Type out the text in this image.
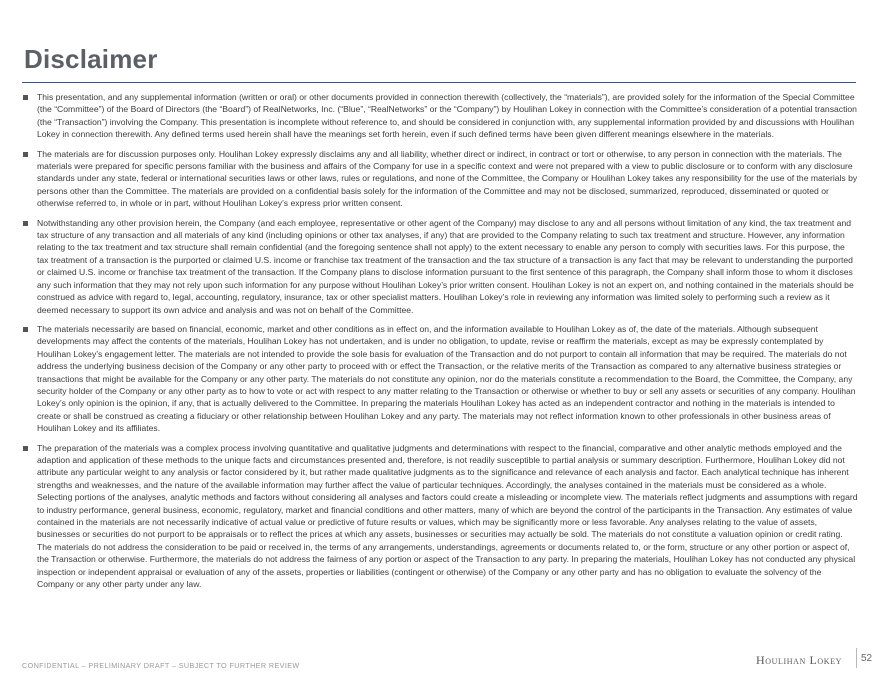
Disclaimer

This presentation, and any supplemental information (written or oral) or other documents provided in connection therewith (collectively, the “materials”), are provided solely for the information of the Special Committee (the “Committee”) of the Board of Directors (the “Board”) of RealNetworks, Inc. (“Blue”, “RealNetworks” or the “Company”) by Houlihan Lokey in connection with the Committee’s consideration of a potential transaction (the “Transaction”) involving the Company. This presentation is incomplete without reference to, and should be considered in conjunction with, any supplemental information provided by and discussions with Houlihan Lokey in connection therewith. Any defined terms used herein shall have the meanings set forth herein, even if such defined terms have been given different meanings elsewhere in the materials.

The materials are for discussion purposes only. Houlihan Lokey expressly disclaims any and all liability, whether direct or indirect, in contract or tort or otherwise, to any person in connection with the materials. The materials were prepared for specific persons familiar with the business and affairs of the Company for use in a specific context and were not prepared with a view to public disclosure or to conform with any disclosure standards under any state, federal or international securities laws or other laws, rules or regulations, and none of the Committee, the Company or Houlihan Lokey takes any responsibility for the use of the materials by persons other than the Committee. The materials are provided on a confidential basis solely for the information of the Committee and may not be disclosed, summarized, reproduced, disseminated or quoted or otherwise referred to, in whole or in part, without Houlihan Lokey’s express prior written consent.

Notwithstanding any other provision herein, the Company (and each employee, representative or other agent of the Company) may disclose to any and all persons without limitation of any kind, the tax treatment and tax structure of any transaction and all materials of any kind (including opinions or other tax analyses, if any) that are provided to the Company relating to such tax treatment and structure. However, any information relating to the tax treatment and tax structure shall remain confidential (and the foregoing sentence shall not apply) to the extent necessary to enable any person to comply with securities laws. For this purpose, the tax treatment of a transaction is the purported or claimed U.S. income or franchise tax treatment of the transaction and the tax structure of a transaction is any fact that may be relevant to understanding the purported or claimed U.S. income or franchise tax treatment of the transaction. If the Company plans to disclose information pursuant to the first sentence of this paragraph, the Company shall inform those to whom it discloses any such information that they may not rely upon such information for any purpose without Houlihan Lokey’s prior written consent. Houlihan Lokey is not an expert on, and nothing contained in the materials should be construed as advice with regard to, legal, accounting, regulatory, insurance, tax or other specialist matters. Houlihan Lokey’s role in reviewing any information was limited solely to performing such a review as it deemed necessary to support its own advice and analysis and was not on behalf of the Committee.

The materials necessarily are based on financial, economic, market and other conditions as in effect on, and the information available to Houlihan Lokey as of, the date of the materials. Although subsequent developments may affect the contents of the materials, Houlihan Lokey has not undertaken, and is under no obligation, to update, revise or reaffirm the materials, except as may be expressly contemplated by Houlihan Lokey’s engagement letter. The materials are not intended to provide the sole basis for evaluation of the Transaction and do not purport to contain all information that may be required. The materials do not address the underlying business decision of the Company or any other party to proceed with or effect the Transaction, or the relative merits of the Transaction as compared to any alternative business strategies or transactions that might be available for the Company or any other party. The materials do not constitute any opinion, nor do the materials constitute a recommendation to the Board, the Committee, the Company, any security holder of the Company or any other party as to how to vote or act with respect to any matter relating to the Transaction or otherwise or whether to buy or sell any assets or securities of any company. Houlihan Lokey’s only opinion is the opinion, if any, that is actually delivered to the Committee. In preparing the materials Houlihan Lokey has acted as an independent contractor and nothing in the materials is intended to create or shall be construed as creating a fiduciary or other relationship between Houlihan Lokey and any party. The materials may not reflect information known to other professionals in other business areas of Houlihan Lokey and its affiliates.

The preparation of the materials was a complex process involving quantitative and qualitative judgments and determinations with respect to the financial, comparative and other analytic methods employed and the adaption and application of these methods to the unique facts and circumstances presented and, therefore, is not readily susceptible to partial analysis or summary description. Furthermore, Houlihan Lokey did not attribute any particular weight to any analysis or factor considered by it, but rather made qualitative judgments as to the significance and relevance of each analysis and factor. Each analytical technique has inherent strengths and weaknesses, and the nature of the available information may further affect the value of particular techniques. Accordingly, the analyses contained in the materials must be considered as a whole. Selecting portions of the analyses, analytic methods and factors without considering all analyses and factors could create a misleading or incomplete view. The materials reflect judgments and assumptions with regard to industry performance, general business, economic, regulatory, market and financial conditions and other matters, many of which are beyond the control of the participants in the Transaction. Any estimates of value contained in the materials are not necessarily indicative of actual value or predictive of future results or values, which may be significantly more or less favorable. Any analyses relating to the value of assets, businesses or securities do not purport to be appraisals or to reflect the prices at which any assets, businesses or securities may actually be sold. The materials do not constitute a valuation opinion or credit rating. The materials do not address the consideration to be paid or received in, the terms of any arrangements, understandings, agreements or documents related to, or the form, structure or any other portion or aspect of, the Transaction or otherwise. Furthermore, the materials do not address the fairness of any portion or aspect of the Transaction to any party. In preparing the materials, Houlihan Lokey has not conducted any physical inspection or independent appraisal or evaluation of any of the assets, properties or liabilities (contingent or otherwise) of the Company or any other party and has no obligation to evaluate the solvency of the Company or any other party under any law.

CONFIDENTIAL – PRELIMINARY DRAFT – SUBJECT TO FURTHER REVIEW	Houlihan Lokey 52
